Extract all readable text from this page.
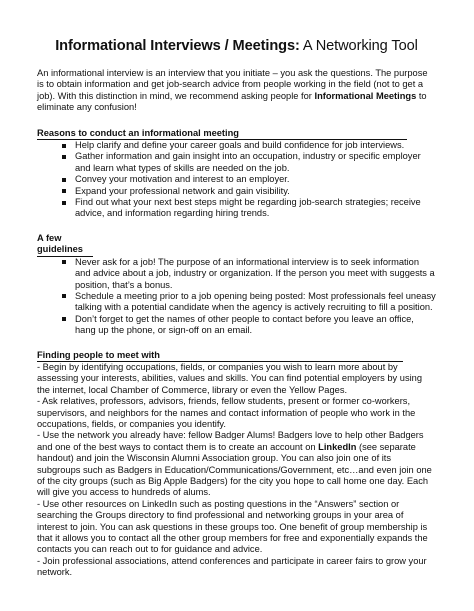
Informational Interviews / Meetings: A Networking Tool

An informational interview is an interview that you initiate – you ask the questions. The purpose is to obtain information and get job-search advice from people working in the field (not to get a job). With this distinction in mind, we recommend asking people for Informational Meetings to eliminate any confusion!

Reasons to conduct an informational meeting
Help clarify and define your career goals and build confidence for job interviews.
Gather information and gain insight into an occupation, industry or specific employer and learn what types of skills are needed on the job.
Convey your motivation and interest to an employer.
Expand your professional network and gain visibility.
Find out what your next best steps might be regarding job-search strategies; receive advice, and information regarding hiring trends.
A few guidelines
Never ask for a job! The purpose of an informational interview is to seek information and advice about a job, industry or organization. If the person you meet with suggests a position, that’s a bonus.
Schedule a meeting prior to a job opening being posted: Most professionals feel uneasy talking with a potential candidate when the agency is actively recruiting to fill a position.
Don’t forget to get the names of other people to contact before you leave an office, hang up the phone, or sign-off on an email.
Finding people to meet with

- Begin by identifying occupations, fields, or companies you wish to learn more about by assessing your interests, abilities, values and skills. You can find potential employers by using the internet, local Chamber of Commerce, library or even the Yellow Pages.

- Ask relatives, professors, advisors, friends, fellow students, present or former co-workers, supervisors, and neighbors for the names and contact information of people who work in the occupations, fields, or companies you identify.

- Use the network you already have: fellow Badger Alums! Badgers love to help other Badgers and one of the best ways to contact them is to create an account on LinkedIn (see separate handout) and join the Wisconsin Alumni Association group. You can also join one of its subgroups such as Badgers in Education/Communications/Government, etc…and even join one of the city groups (such as Big Apple Badgers) for the city you hope to call home one day. Each will give you access to hundreds of alums.

- Use other resources on LinkedIn such as posting questions in the “Answers” section or searching the Groups directory to find professional and networking groups in your area of interest to join. You can ask questions in these groups too. One benefit of group membership is that it allows you to contact all the other group members for free and exponentially expands the contacts you can reach out to for guidance and advice.

- Join professional associations, attend conferences and participate in career fairs to grow your network.
